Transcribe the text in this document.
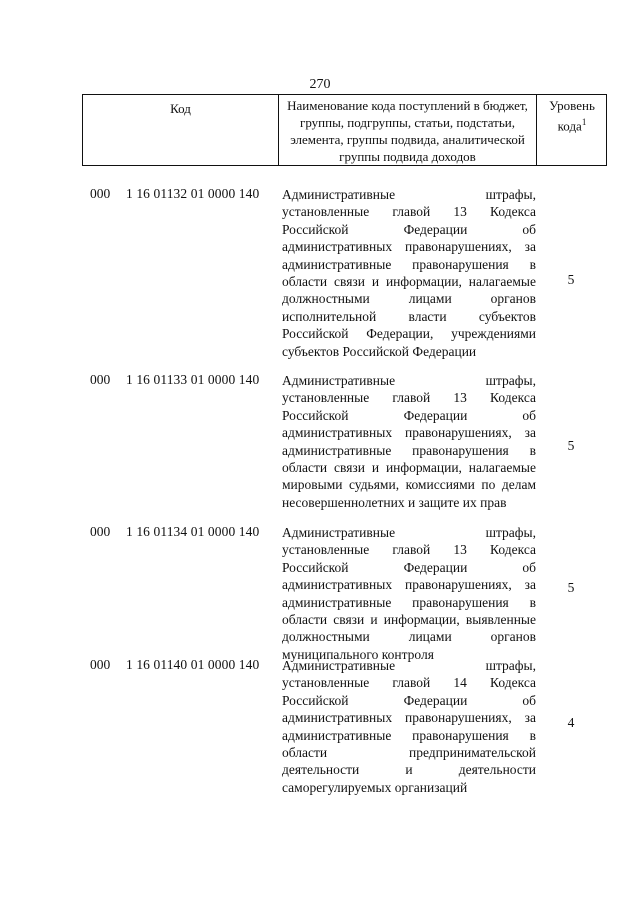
270
Код	Наименование кода поступлений в бюджет, группы, подгруппы, статьи, подстатьи, элемента, группы подвида, аналитической группы подвида доходов
Уровень кода$^1$
000 1 16 01132 01 0000 140 Административные штрафы, установленные главой 13 Кодекса Российской Федерации об административных правонарушениях, за административные правонарушения в области связи и информации, налагаемые должностными лицами органов исполнительной власти субъектов Российской Федерации, учреждениями субъектов Российской Федерации
5
000 1 16 01133 01 0000 140 Административные штрафы, установленные главой 13 Кодекса Российской Федерации об административных правонарушениях, за административные правонарушения в области связи и информации, налагаемые мировыми судьями, комиссиями по делам несовершеннолетних и защите их прав
5
000 1 16 01134 01 0000 140 Административные штрафы, установленные главой 13 Кодекса Российской Федерации об административных правонарушениях, за административные правонарушения в области связи и информации, выявленные должностными лицами органов муниципального контроля
5
000 1 16 01140 01 0000 140 Административные штрафы, установленные главой 14 Кодекса Российской Федерации об административных правонарушениях, за административные правонарушения в области предпринимательской деятельности и деятельности саморегулируемых организаций
4
